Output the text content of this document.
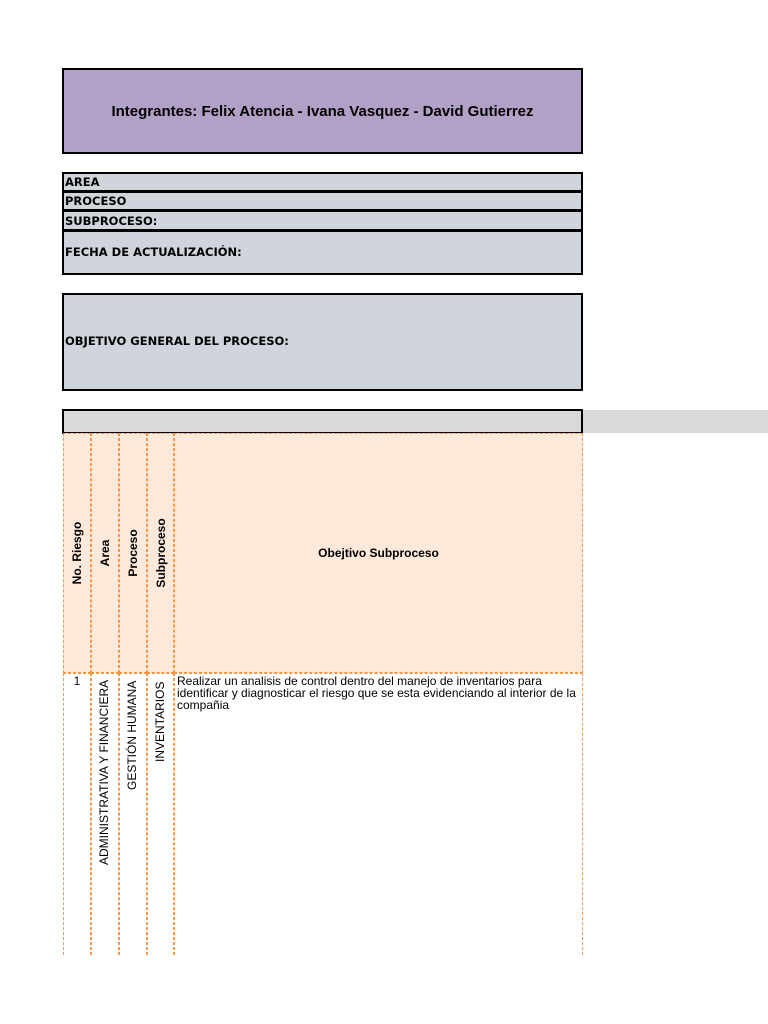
Integrantes: Felix Atencia - Ivana Vasquez - David Gutierrez
AREA
PROCESO
SUBPROCESO:
FECHA DE ACTUALIZACIÓN:
OBJETIVO GENERAL DEL PROCESO:
No. Riesgo Area Proceso Subproceso	Obejtivo Subproceso
1	ADMINISTRATIVA Y FINANCIERA GESTIÓN HUMANA INVENTARIOS
Realizar un analisis de control dentro del manejo de inventarios para identificar y diagnosticar el riesgo que se esta evidenciando al interior de la compañia
